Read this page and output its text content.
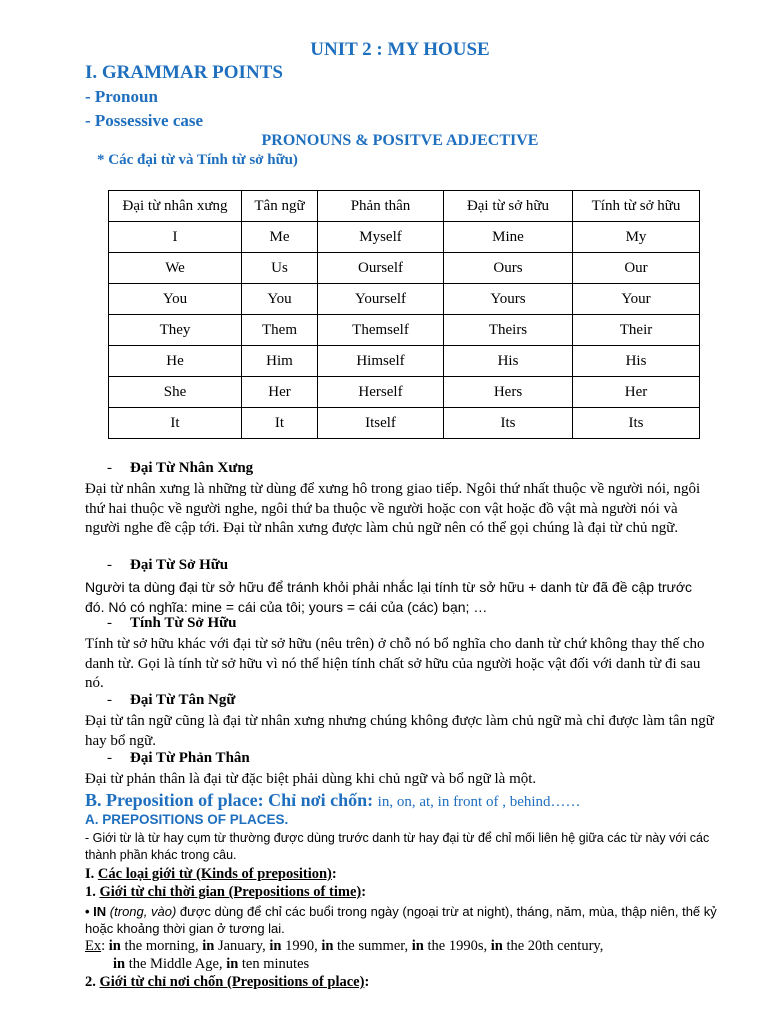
UNIT 2 : MY HOUSE
I. GRAMMAR POINTS
- Pronoun
- Possessive case
PRONOUNS & POSITVE ADJECTIVE
* Các đại từ và Tính từ sở hữu)
Đại từ nhân xưng	Tân ngữ	Phản thân	Đại từ sở hữu	Tính từ sở hữu
I	Me	Myself	Mine	My
We	Us	Ourself	Ours	Our
You	You	Yourself	Yours	Your
They	Them	Themself	Theirs	Their
He	Him	Himself	His	His
She	Her	Herself	Hers	Her
It	It	Itself	Its	Its
- Đại Từ Nhân Xưng
Đại từ nhân xưng là những từ dùng để xưng hô trong giao tiếp. Ngôi thứ nhất thuộc về người nói, ngôi thứ hai thuộc về người nghe, ngôi thứ ba thuộc về người hoặc con vật hoặc đồ vật mà người nói và người nghe đề cập tới. Đại từ nhân xưng được làm chủ ngữ nên có thể gọi chúng là đại từ chủ ngữ.
- Đại Từ Sở Hữu
Người ta dùng đại từ sở hữu để tránh khỏi phải nhắc lại tính từ sở hữu + danh từ đã đề cập trước đó. Nó có nghĩa: mine = cái của tôi; yours = cái của (các) bạn; …
- Tính Từ Sở Hữu
Tính từ sở hữu khác với đại từ sở hữu (nêu trên) ở chỗ nó bổ nghĩa cho danh từ chứ không thay thế cho danh từ. Gọi là tính từ sở hữu vì nó thể hiện tính chất sở hữu của người hoặc vật đối với danh từ đi sau nó.
- Đại Từ Tân Ngữ
Đại từ tân ngữ cũng là đại từ nhân xưng nhưng chúng không được làm chủ ngữ mà chỉ được làm tân ngữ hay bổ ngữ.
- Đại Từ Phản Thân
Đại từ phản thân là đại từ đặc biệt phải dùng khi chủ ngữ và bổ ngữ là một.
B. Preposition of place: Chỉ nơi chốn: in, on, at, in front of , behind……
A. PREPOSITIONS OF PLACES.
- Giới từ là từ hay cụm từ thường được dùng trước danh từ hay đại từ để chỉ mối liên hệ giữa các từ này với các thành phần khác trong câu.
I. Các loại giới từ (Kinds of preposition):
1. Giới từ chỉ thời gian (Prepositions of time):
• IN (trong, vào) được dùng để chỉ các buổi trong ngày (ngoại trừ at night), tháng, năm, mùa, thập niên, thế kỷ hoặc khoảng thời gian ở tương lai.
Ex: in the morning, in January, in 1990, in the summer, in the 1990s, in the 20th century,
in the Middle Age, in ten minutes
2. Giới từ chỉ nơi chốn (Prepositions of place):
